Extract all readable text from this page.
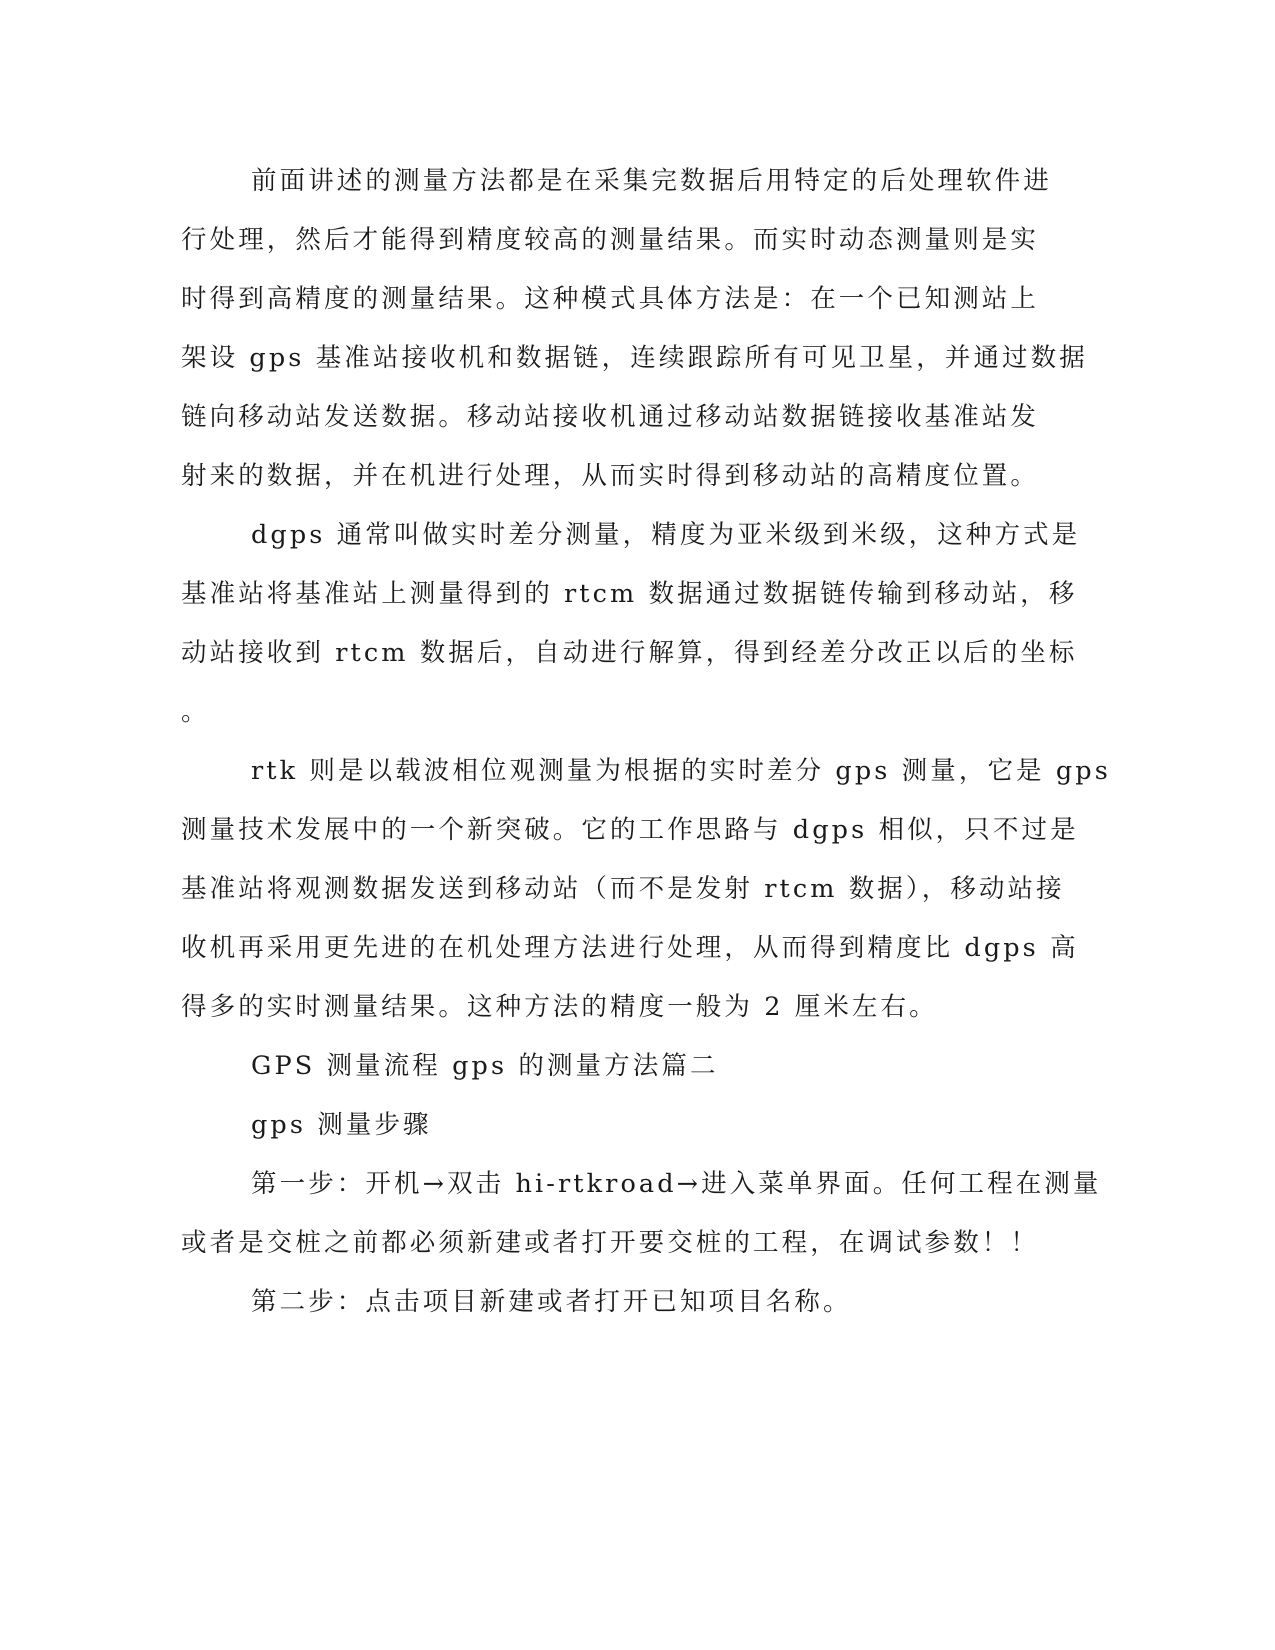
前面讲述的测量方法都是在采集完数据后用特定的后处理软件进
行处理，然后才能得到精度较高的测量结果。而实时动态测量则是实
时得到高精度的测量结果。这种模式具体方法是：在一个已知测站上
架设 gps 基准站接收机和数据链，连续跟踪所有可见卫星，并通过数据
链向移动站发送数据。移动站接收机通过移动站数据链接收基准站发
射来的数据，并在机进行处理，从而实时得到移动站的高精度位置。
dgps 通常叫做实时差分测量，精度为亚米级到米级，这种方式是
基准站将基准站上测量得到的 rtcm 数据通过数据链传输到移动站，移
动站接收到 rtcm 数据后，自动进行解算，得到经差分改正以后的坐标
。
rtk 则是以载波相位观测量为根据的实时差分 gps 测量，它是 gps
测量技术发展中的一个新突破。它的工作思路与 dgps 相似，只不过是
基准站将观测数据发送到移动站（而不是发射 rtcm 数据），移动站接
收机再采用更先进的在机处理方法进行处理，从而得到精度比 dgps 高
得多的实时测量结果。这种方法的精度一般为 2 厘米左右。
GPS 测量流程 gps 的测量方法篇二
gps 测量步骤
第一步：开机→双击 hi-rtkroad→进入菜单界面。任何工程在测量
或者是交桩之前都必须新建或者打开要交桩的工程，在调试参数！！
第二步：点击项目新建或者打开已知项目名称。
